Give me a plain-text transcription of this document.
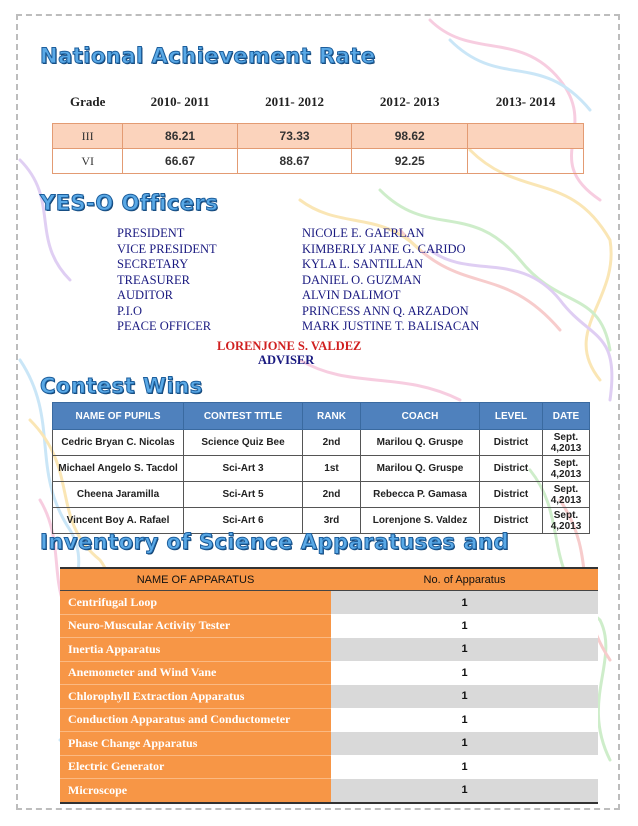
National Achievement Rate
Grade	2010- 2011	2011- 2012	2012- 2013	2013- 2014
III	86.21	73.33	98.62	
VI	66.67	88.67	92.25	
YES-O Officers
PRESIDENT	NICOLE E. GAERLAN
VICE PRESIDENT	KIMBERLY JANE G. CARIDO
SECRETARY	KYLA L. SANTILLAN
TREASURER	DANIEL O. GUZMAN
AUDITOR	ALVIN DALIMOT
P.I.O	PRINCESS ANN Q. ARZADON
PEACE OFFICER	MARK JUSTINE T. BALISACAN
LORENJONE S. VALDEZ
ADVISER
Contest Wins
NAME OF PUPILS	CONTEST TITLE	RANK	COACH	LEVEL	DATE
Cedric Bryan C. Nicolas	Science Quiz Bee	2nd	Marilou Q. Gruspe	District	Sept. 4,2013
Michael Angelo S. Tacdol	Sci-Art 3	1st	Marilou Q. Gruspe	District	Sept. 4,2013
Cheena Jaramilla	Sci-Art 5	2nd	Rebecca P. Gamasa	District	Sept. 4,2013
Vincent Boy A. Rafael	Sci-Art 6	3rd	Lorenjone S. Valdez	District	Sept. 4,2013
Inventory of Science Apparatuses and
NAME OF APPARATUS	No. of Apparatus
Centrifugal Loop	1
Neuro-Muscular Activity Tester	1
Inertia Apparatus	1
Anemometer and Wind Vane	1
Chlorophyll Extraction Apparatus	1
Conduction Apparatus and Conductometer	1
Phase Change Apparatus	1
Electric Generator	1
Microscope	1
